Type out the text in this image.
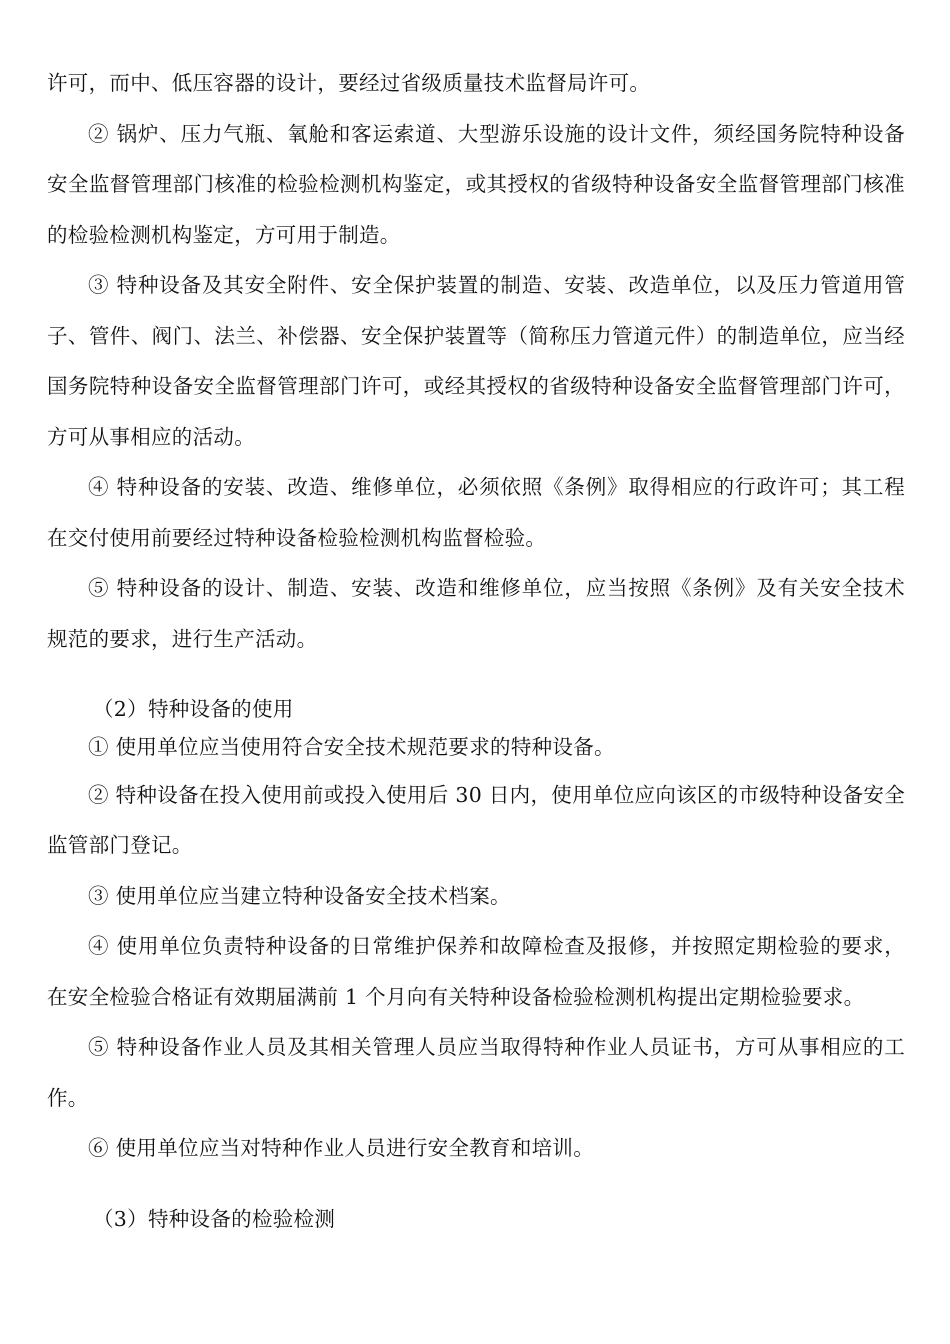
许可，而中、低压容器的设计，要经过省级质量技术监督局许可。

② 锅炉、压力气瓶、氧舱和客运索道、大型游乐设施的设计文件，须经国务院特种设备安全监督管理部门核准的检验检测机构鉴定，或其授权的省级特种设备安全监督管理部门核准的检验检测机构鉴定，方可用于制造。

③ 特种设备及其安全附件、安全保护装置的制造、安装、改造单位，以及压力管道用管子、管件、阀门、法兰、补偿器、安全保护装置等（简称压力管道元件）的制造单位，应当经国务院特种设备安全监督管理部门许可，或经其授权的省级特种设备安全监督管理部门许可，方可从事相应的活动。

④ 特种设备的安装、改造、维修单位，必须依照《条例》取得相应的行政许可；其工程在交付使用前要经过特种设备检验检测机构监督检验。

⑤ 特种设备的设计、制造、安装、改造和维修单位，应当按照《条例》及有关安全技术规范的要求，进行生产活动。

（2）特种设备的使用

① 使用单位应当使用符合安全技术规范要求的特种设备。

② 特种设备在投入使用前或投入使用后 30 日内，使用单位应向该区的市级特种设备安全监管部门登记。

③ 使用单位应当建立特种设备安全技术档案。

④ 使用单位负责特种设备的日常维护保养和故障检查及报修，并按照定期检验的要求，在安全检验合格证有效期届满前 1 个月向有关特种设备检验检测机构提出定期检验要求。

⑤ 特种设备作业人员及其相关管理人员应当取得特种作业人员证书，方可从事相应的工作。

⑥ 使用单位应当对特种作业人员进行安全教育和培训。

（3）特种设备的检验检测
